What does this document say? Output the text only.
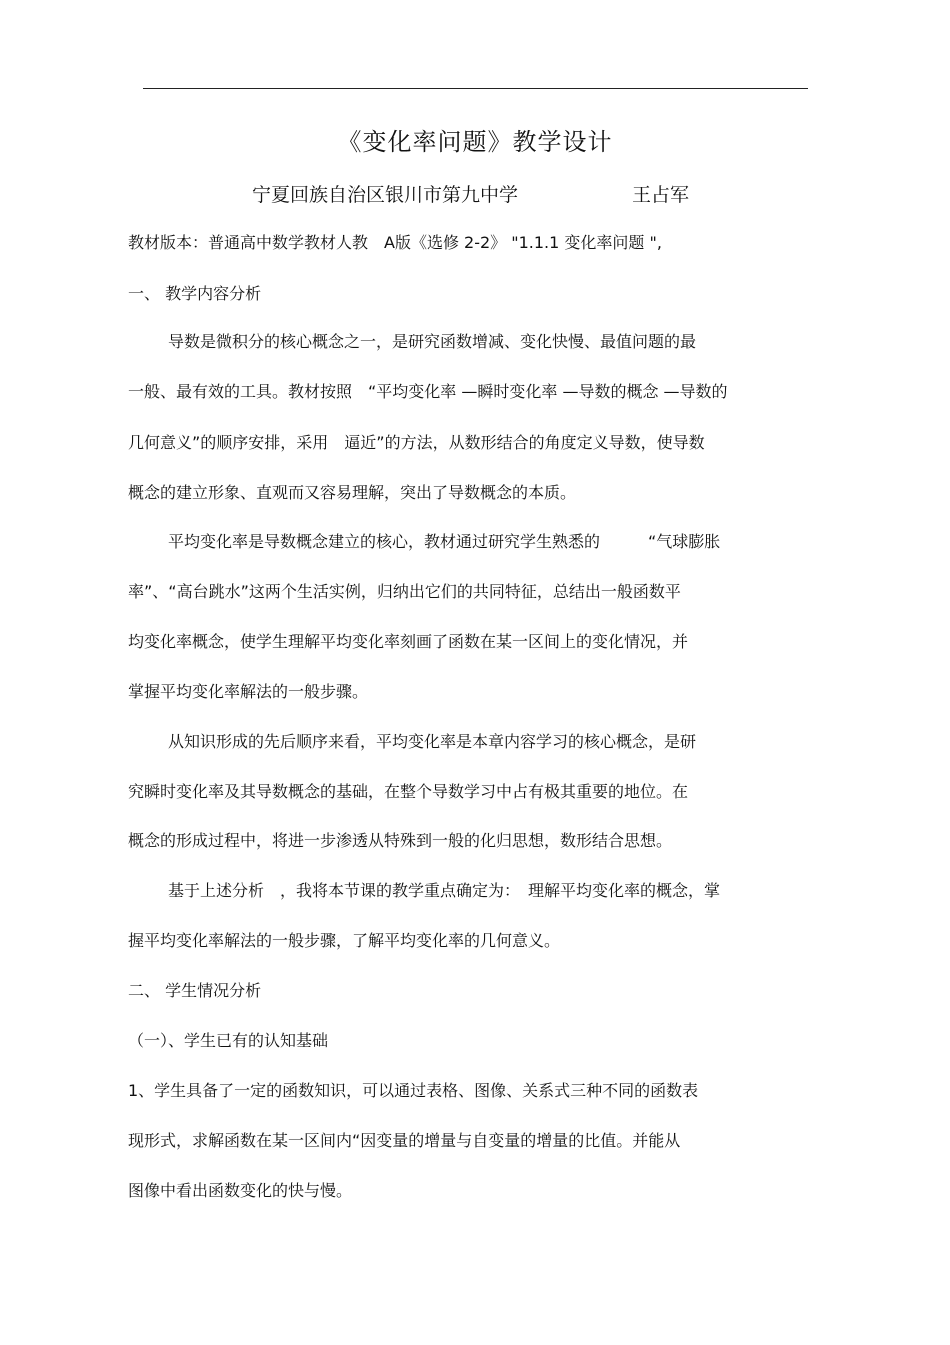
《变化率问题》教学设计
宁夏回族自治区银川市第九中学	王占军
教材版本：普通高中数学教材人教　A版《选修 2-2》 "1.1.1 变化率问题 ",
一、 教学内容分析
导数是微积分的核心概念之一，是研究函数增减、变化快慢、最值问题的最
一般、最有效的工具。教材按照　“平均变化率 —瞬时变化率 —导数的概念 —导数的
几何意义”的顺序安排，采用　逼近”的方法，从数形结合的角度定义导数，使导数
概念的建立形象、直观而又容易理解，突出了导数概念的本质。
平均变化率是导数概念建立的核心，教材通过研究学生熟悉的　　　“气球膨胀
率”、“高台跳水”这两个生活实例，归纳出它们的共同特征，总结出一般函数平
均变化率概念，使学生理解平均变化率刻画了函数在某一区间上的变化情况，并
掌握平均变化率解法的一般步骤。
从知识形成的先后顺序来看，平均变化率是本章内容学习的核心概念，是研
究瞬时变化率及其导数概念的基础，在整个导数学习中占有极其重要的地位。在
概念的形成过程中，将进一步渗透从特殊到一般的化归思想，数形结合思想。
基于上述分析　，我将本节课的教学重点确定为：　理解平均变化率的概念，掌
握平均变化率解法的一般步骤，了解平均变化率的几何意义。
二、 学生情况分析
（一）、学生已有的认知基础
1、学生具备了一定的函数知识，可以通过表格、图像、关系式三种不同的函数表
现形式，求解函数在某一区间内“因变量的增量与自变量的增量的比值。并能从
图像中看出函数变化的快与慢。
